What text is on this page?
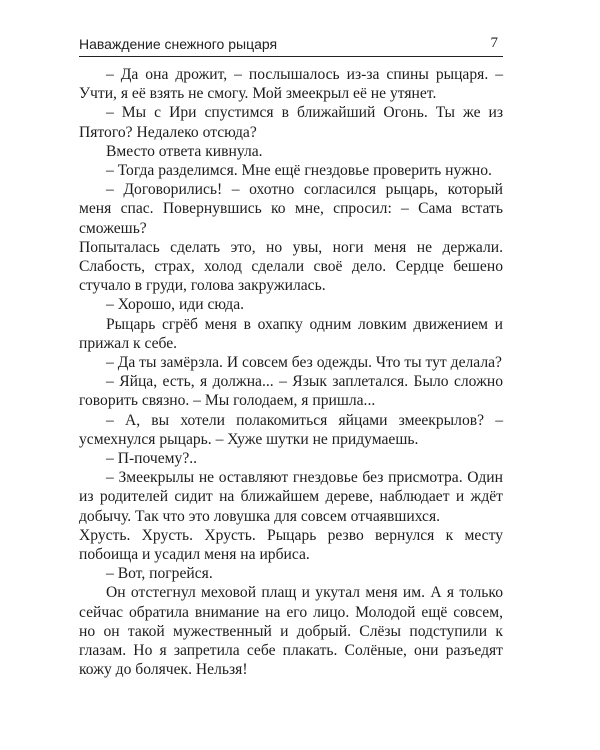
Наваждение снежного рыцаря	7

– Да она дрожит, – послышалось из-за спины рыцаря. – Учти, я её взять не смогу. Мой змеекрыл её не утянет.

– Мы с Ири спустимся в ближайший Огонь. Ты же из Пятого? Недалеко отсюда?

Вместо ответа кивнула.

– Тогда разделимся. Мне ещё гнездовье проверить нужно.

– Договорились! – охотно согласился рыцарь, который меня спас. Повернувшись ко мне, спросил: – Сама встать сможешь?

Попыталась сделать это, но увы, ноги меня не держали. Слабость, страх, холод сделали своё дело. Сердце бешено стучало в груди, голова закружилась.

– Хорошо, иди сюда.

Рыцарь сгрёб меня в охапку одним ловким движением и прижал к себе.

– Да ты замёрзла. И совсем без одежды. Что ты тут делала?

– Яйца, есть, я должна... – Язык заплетался. Было сложно говорить связно. – Мы голодаем, я пришла...

– А, вы хотели полакомиться яйцами змеекрылов? – усмехнулся рыцарь. – Хуже шутки не придумаешь.

– П-почему?..

– Змеекрылы не оставляют гнездовье без присмотра. Один из родителей сидит на ближайшем дереве, наблюдает и ждёт добычу. Так что это ловушка для совсем отчаявшихся.

Хрусть. Хрусть. Хрусть. Рыцарь резво вернулся к месту побоища и усадил меня на ирбиса.

– Вот, погрейся.

Он отстегнул меховой плащ и укутал меня им. А я только сейчас обратила внимание на его лицо. Молодой ещё совсем, но он такой мужественный и добрый. Слёзы подступили к глазам. Но я запретила себе плакать. Солёные, они разъедят кожу до болячек. Нельзя!
